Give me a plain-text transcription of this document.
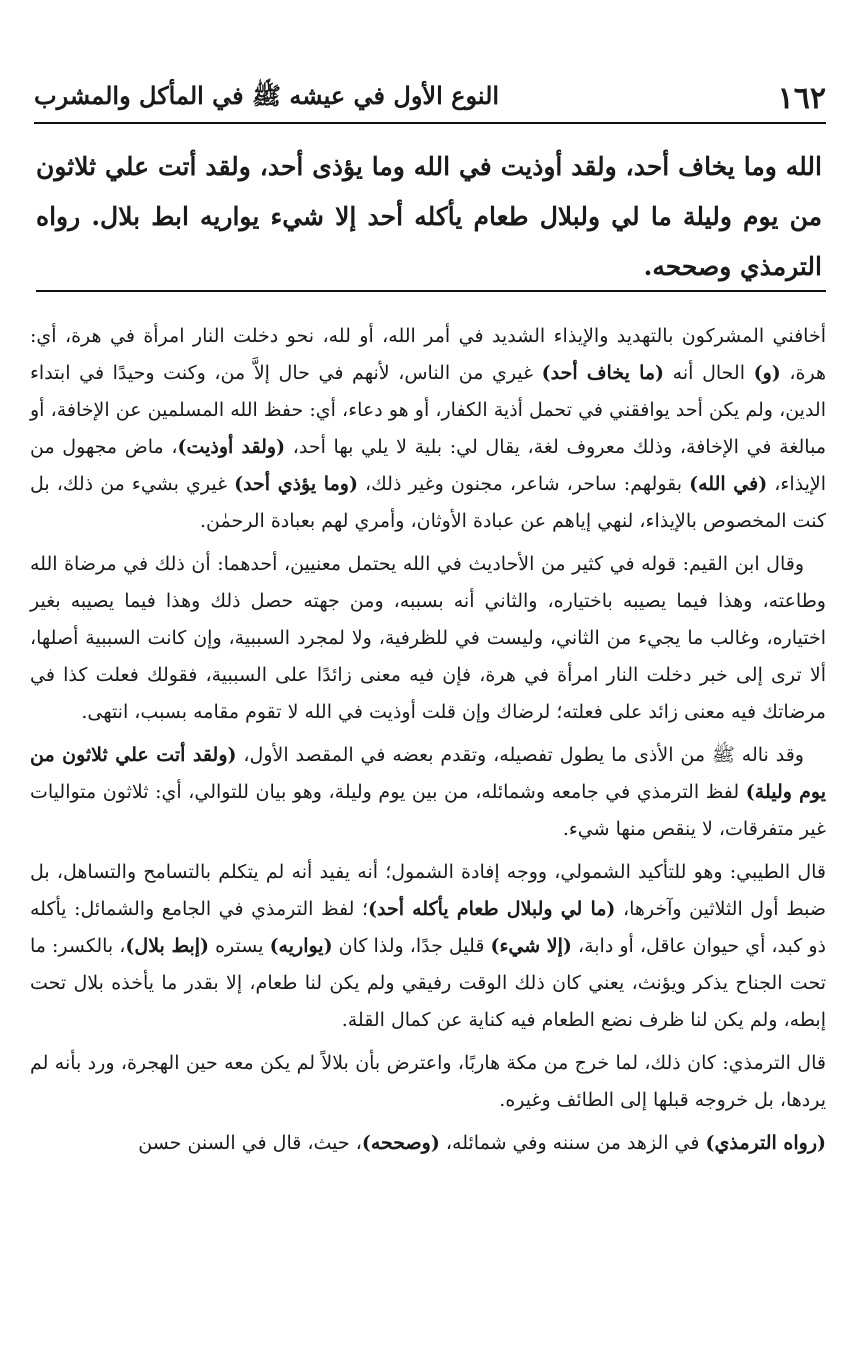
١٦٢
النوع الأول في عيشه ﷺ في المأكل والمشرب
الله وما يخاف أحد، ولقد أوذيت في الله وما يؤذى أحد، ولقد أتت علي ثلاثون من يوم وليلة ما لي ولبلال طعام يأكله أحد إلا شيء يواريه ابط بلال. رواه الترمذي وصححه.

أخافني المشركون بالتهديد والإيذاء الشديد في أمر الله، أو لله، نحو دخلت النار امرأة في هرة، أي: هرة، (و) الحال أنه (ما يخاف أحد) غيري من الناس، لأنهم في حال إلاَّ من، وكنت وحيدًا في ابتداء الدين، ولم يكن أحد يوافقني في تحمل أذية الكفار، أو هو دعاء، أي: حفظ الله المسلمين عن الإخافة، أو مبالغة في الإخافة، وذلك معروف لغة، يقال لي: بلية لا يلي بها أحد، (ولقد أوذيت)، ماض مجهول من الإيذاء، (في الله) بقولهم: ساحر، شاعر، مجنون وغير ذلك، (وما يؤذي أحد) غيري بشيء من ذلك، بل كنت المخصوص بالإيذاء، لنهي إياهم عن عبادة الأوثان، وأمري لهم بعبادة الرحمٰن.

وقال ابن القيم: قوله في كثير من الأحاديث في الله يحتمل معنيين، أحدهما: أن ذلك في مرضاة الله وطاعته، وهذا فيما يصيبه باختياره، والثاني أنه بسببه، ومن جهته حصل ذلك وهذا فيما يصيبه بغير اختياره، وغالب ما يجيء من الثاني، وليست في للظرفية، ولا لمجرد السببية، وإن كانت السببية أصلها، ألا ترى إلى خبر دخلت النار امرأة في هرة، فإن فيه معنى زائدًا على السببية، فقولك فعلت كذا في مرضاتك فيه معنى زائد على فعلته؛ لرضاك وإن قلت أوذيت في الله لا تقوم مقامه بسبب، انتهى.

وقد ناله ﷺ من الأذى ما يطول تفصيله، وتقدم بعضه في المقصد الأول، (ولقد أتت علي ثلاثون من يوم وليلة) لفظ الترمذي في جامعه وشمائله، من بين يوم وليلة، وهو بيان للتوالي، أي: ثلاثون متواليات غير متفرقات، لا ينقص منها شيء.

قال الطيبي: وهو للتأكيد الشمولي، ووجه إفادة الشمول؛ أنه يفيد أنه لم يتكلم بالتسامح والتساهل، بل ضبط أول الثلاثين وآخرها، (ما لي ولبلال طعام يأكله أحد)؛ لفظ الترمذي في الجامع والشمائل: يأكله ذو كبد، أي حيوان عاقل، أو دابة، (إلا شيء) قليل جدًا، ولذا كان (يواريه) يستره (إبط بلال)، بالكسر: ما تحت الجناح يذكر ويؤنث، يعني كان ذلك الوقت رفيقي ولم يكن لنا طعام، إلا بقدر ما يأخذه بلال تحت إبطه، ولم يكن لنا ظرف نضع الطعام فيه كناية عن كمال القلة.

قال الترمذي: كان ذلك، لما خرج من مكة هاربًا، واعترض بأن بلالاً لم يكن معه حين الهجرة، ورد بأنه لم يردها، بل خروجه قبلها إلى الطائف وغيره.

(رواه الترمذي) في الزهد من سننه وفي شمائله، (وصححه)، حيث، قال في السنن حسن
